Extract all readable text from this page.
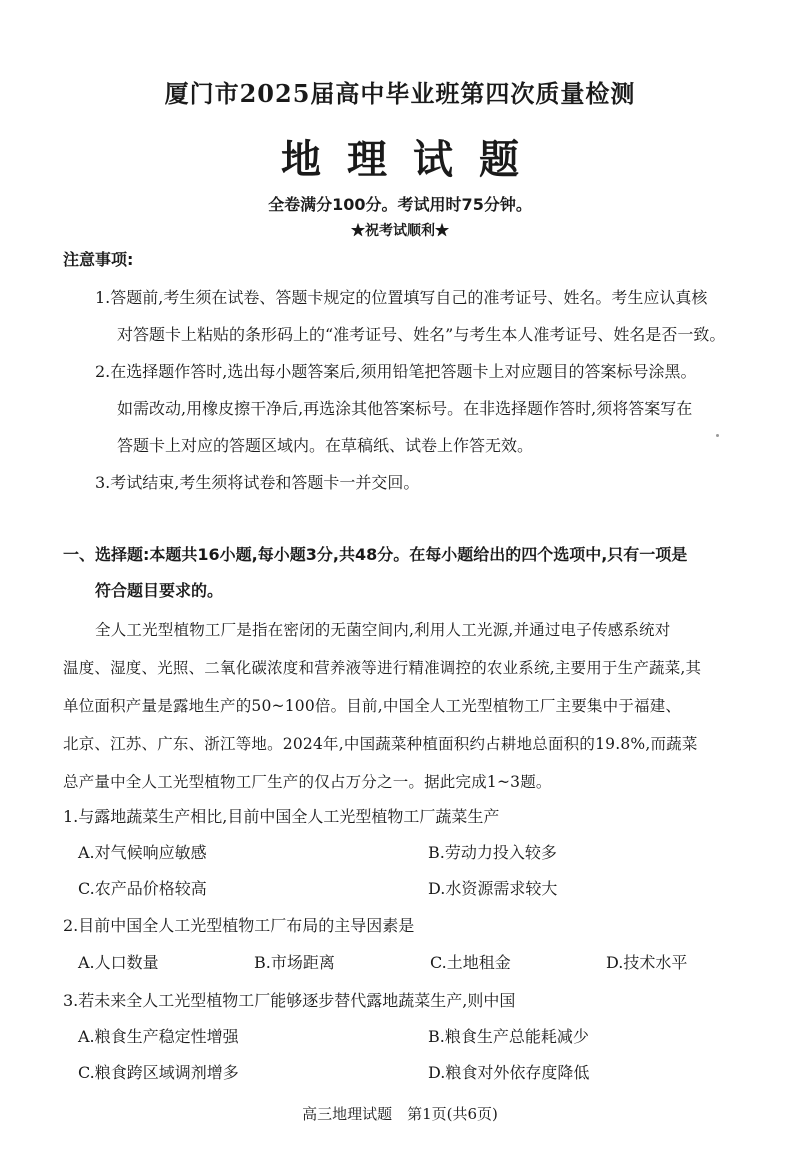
厦门市2025届高中毕业班第四次质量检测
地理试题
全卷满分100分。考试用时75分钟。
★祝考试顺利★
注意事项:
1.答题前,考生须在试卷、答题卡规定的位置填写自己的准考证号、姓名。考生应认真核
对答题卡上粘贴的条形码上的“准考证号、姓名”与考生本人准考证号、姓名是否一致。
2.在选择题作答时,选出每小题答案后,须用铅笔把答题卡上对应题目的答案标号涂黑。
如需改动,用橡皮擦干净后,再选涂其他答案标号。在非选择题作答时,须将答案写在
答题卡上对应的答题区域内。在草稿纸、试卷上作答无效。
3.考试结束,考生须将试卷和答题卡一并交回。
一、选择题:本题共16小题,每小题3分,共48分。在每小题给出的四个选项中,只有一项是
符合题目要求的。
全人工光型植物工厂是指在密闭的无菌空间内,利用人工光源,并通过电子传感系统对
温度、湿度、光照、二氧化碳浓度和营养液等进行精准调控的农业系统,主要用于生产蔬菜,其
单位面积产量是露地生产的50~100倍。目前,中国全人工光型植物工厂主要集中于福建、
北京、江苏、广东、浙江等地。2024年,中国蔬菜种植面积约占耕地总面积的19.8%,而蔬菜
总产量中全人工光型植物工厂生产的仅占万分之一。据此完成1~3题。
1.与露地蔬菜生产相比,目前中国全人工光型植物工厂蔬菜生产
A.对气候响应敏感	B.劳动力投入较多
C.农产品价格较高	D.水资源需求较大
2.目前中国全人工光型植物工厂布局的主导因素是
A.人口数量	B.市场距离	C.土地租金	D.技术水平
3.若未来全人工光型植物工厂能够逐步替代露地蔬菜生产,则中国
A.粮食生产稳定性增强	B.粮食生产总能耗减少
C.粮食跨区域调剂增多	D.粮食对外依存度降低
高三地理试题　第1页(共6页)
